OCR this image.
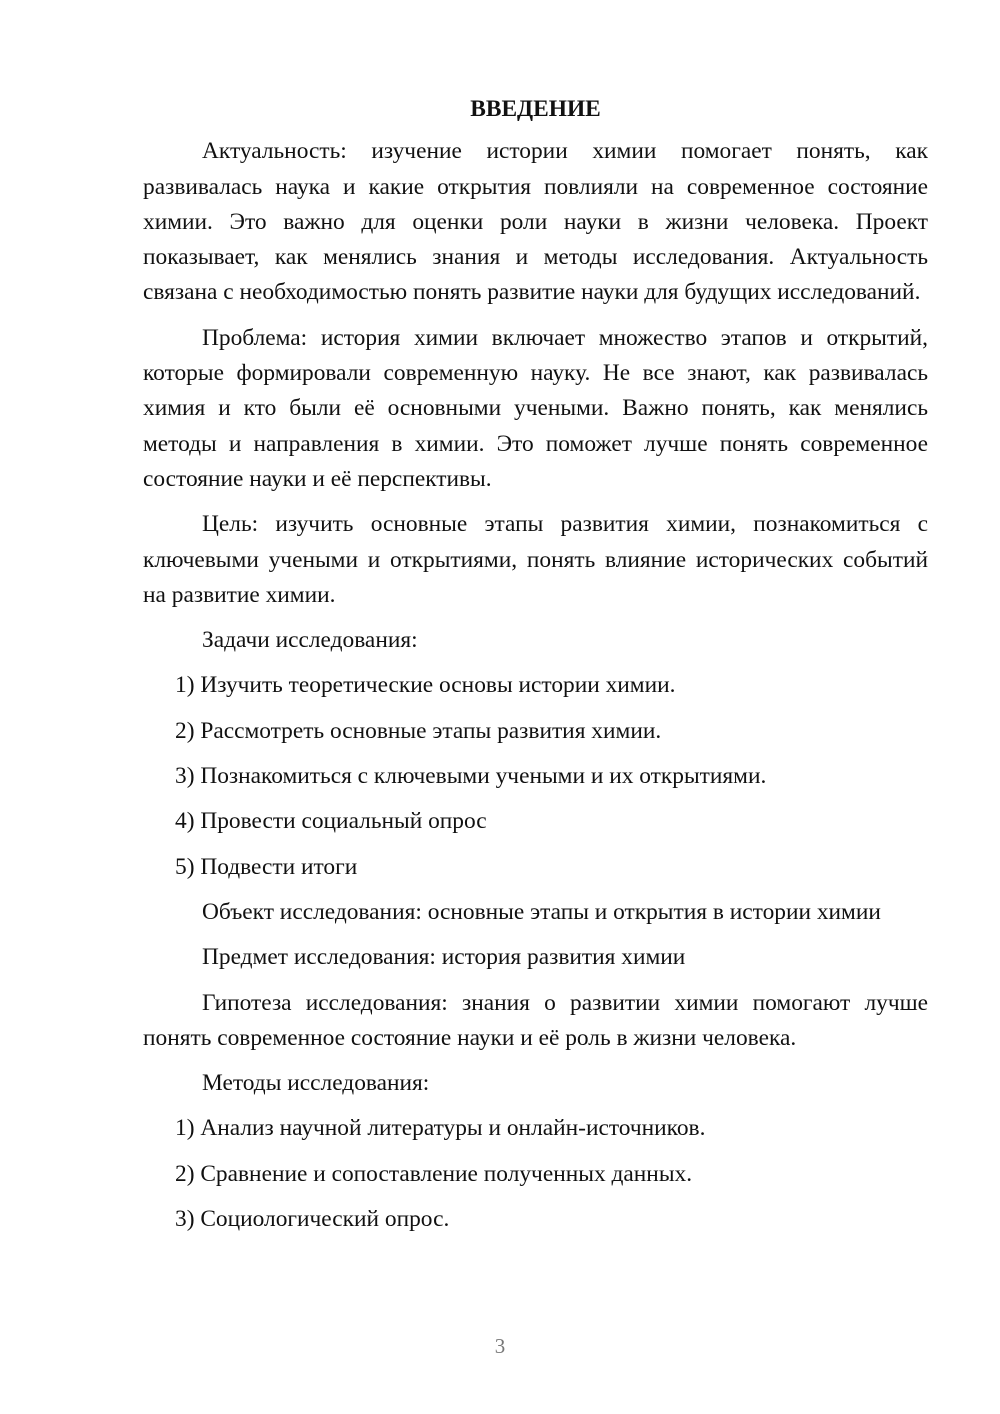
ВВЕДЕНИЕ

Актуальность: изучение истории химии помогает понять, как развивалась наука и какие открытия повлияли на современное состояние химии. Это важно для оценки роли науки в жизни человека. Проект показывает, как менялись знания и методы исследования. Актуальность связана с необходимостью понять развитие науки для будущих исследований.

Проблема: история химии включает множество этапов и открытий, которые формировали современную науку. Не все знают, как развивалась химия и кто были её основными учеными. Важно понять, как менялись методы и направления в химии. Это поможет лучше понять современное состояние науки и её перспективы.

Цель: изучить основные этапы развития химии, познакомиться с ключевыми учеными и открытиями, понять влияние исторических событий на развитие химии.

Задачи исследования:

1) Изучить теоретические основы истории химии.
2) Рассмотреть основные этапы развития химии.
3) Познакомиться с ключевыми учеными и их открытиями.
4) Провести социальный опрос
5) Подвести итоги

Объект исследования: основные этапы и открытия в истории химии

Предмет исследования: история развития химии

Гипотеза исследования: знания о развитии химии помогают лучше понять современное состояние науки и её роль в жизни человека.

Методы исследования:

1) Анализ научной литературы и онлайн-источников.
2) Сравнение и сопоставление полученных данных.
3) Социологический опрос.
3
